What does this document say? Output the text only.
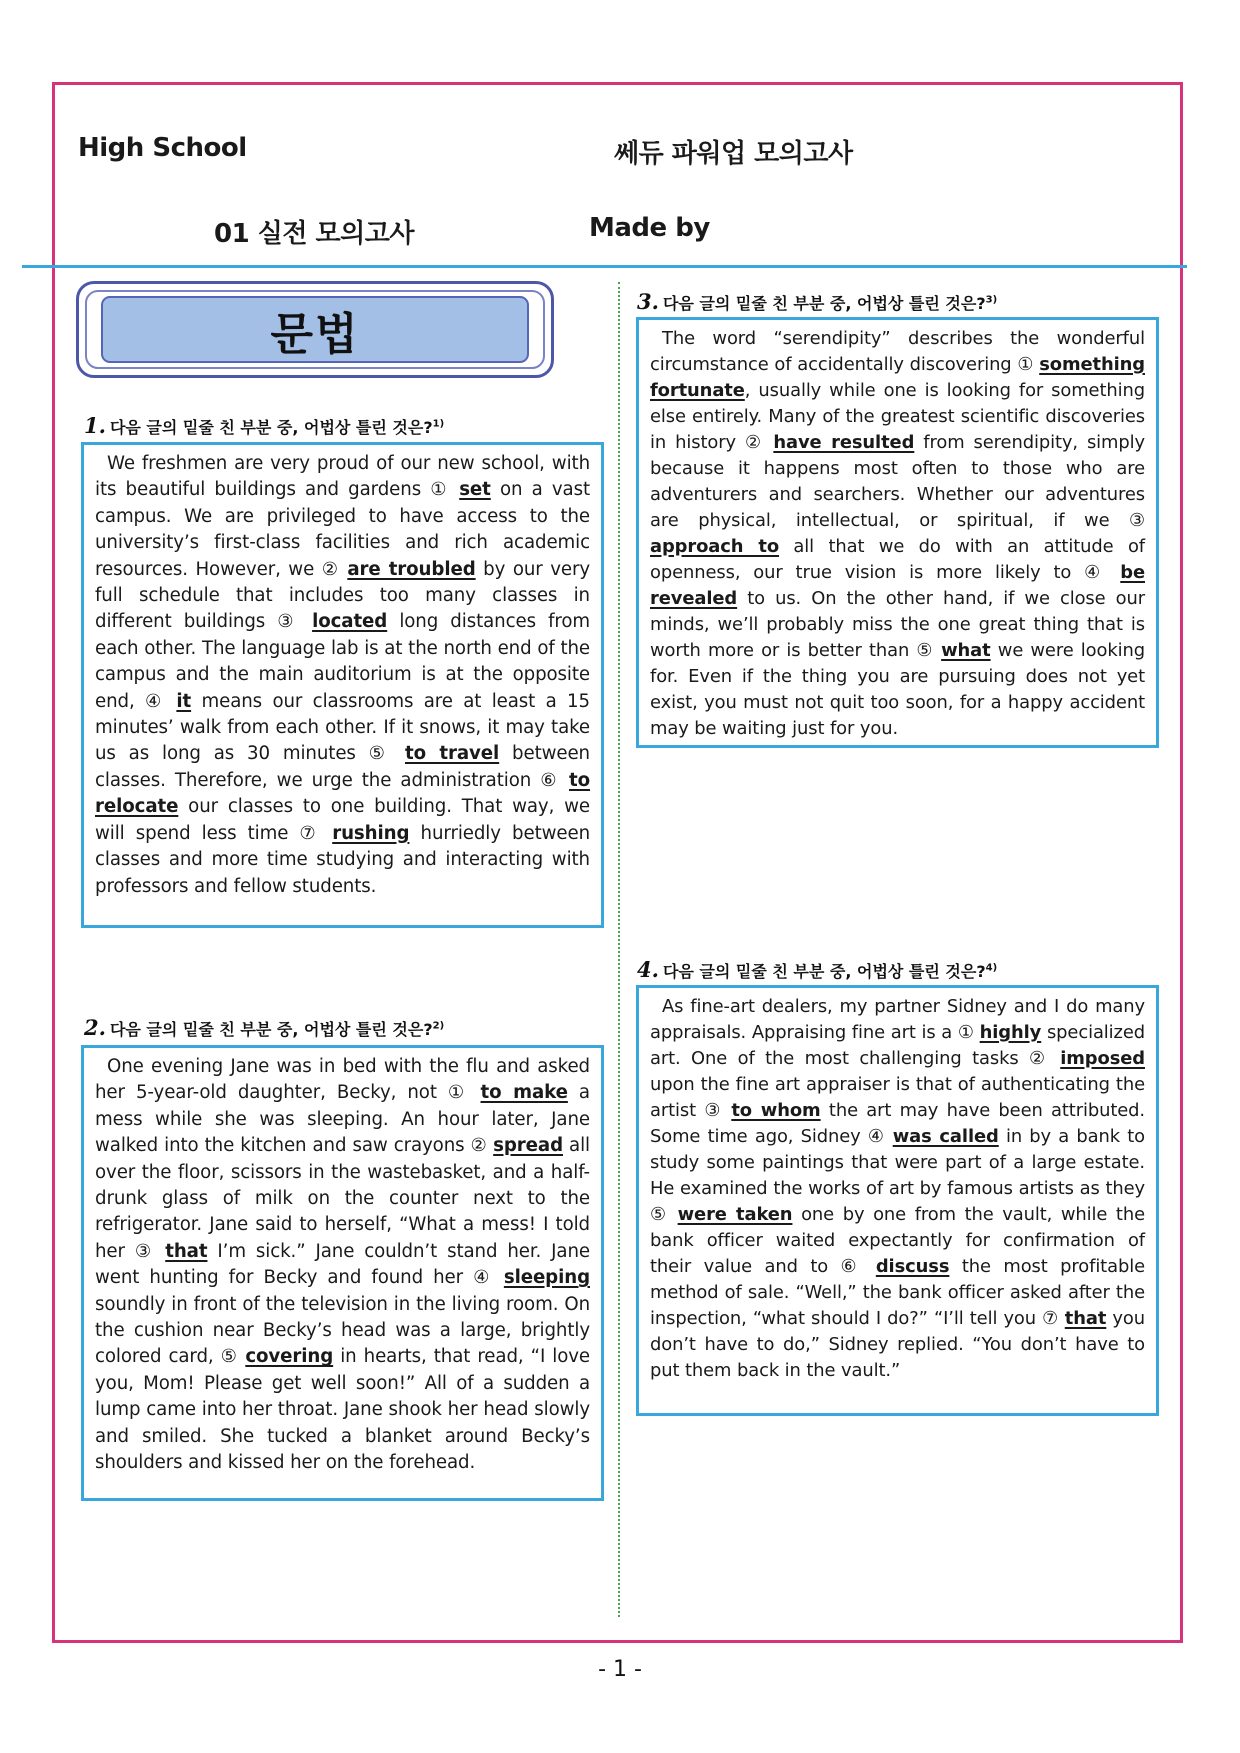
High School	쎄듀 파워업 모의고사
01 실전 모의고사	Made by
문법
1. 다음 글의 밑줄 친 부분 중, 어법상 틀린 것은?$^{1)}$
We freshmen are very proud of our new school, with its beautiful buildings and gardens ① set on a vast campus. We are privileged to have access to the university’s first-class facilities and rich academic resources. However, we ② are troubled by our very full schedule that includes too many classes in different buildings ③ located long distances from each other. The language lab is at the north end of the campus and the main auditorium is at the opposite end, ④ it means our classrooms are at least a 15 minutes’ walk from each other. If it snows, it may take us as long as 30 minutes ⑤ to travel between classes. Therefore, we urge the administration ⑥ to relocate our classes to one building. That way, we will spend less time ⑦ rushing hurriedly between classes and more time studying and interacting with professors and fellow students.
2. 다음 글의 밑줄 친 부분 중, 어법상 틀린 것은?$^{2)}$
One evening Jane was in bed with the flu and asked her 5-year-old daughter, Becky, not ① to make a mess while she was sleeping. An hour later, Jane walked into the kitchen and saw crayons ② spread all over the floor, scissors in the wastebasket, and a half-drunk glass of milk on the counter next to the refrigerator. Jane said to herself, “What a mess! I told her ③ that I’m sick.” Jane couldn’t stand her. Jane went hunting for Becky and found her ④ sleeping soundly in front of the television in the living room. On the cushion near Becky’s head was a large, brightly colored card, ⑤ covering in hearts, that read, “I love you, Mom! Please get well soon!” All of a sudden a lump came into her throat. Jane shook her head slowly and smiled. She tucked a blanket around Becky’s shoulders and kissed her on the forehead.
3. 다음 글의 밑줄 친 부분 중, 어법상 틀린 것은?$^{3)}$
The word “serendipity” describes the wonderful circumstance of accidentally discovering ① something fortunate, usually while one is looking for something else entirely. Many of the greatest scientific discoveries in history ② have resulted from serendipity, simply because it happens most often to those who are adventurers and searchers. Whether our adventures are physical, intellectual, or spiritual, if we ③ approach to all that we do with an attitude of openness, our true vision is more likely to ④ be revealed to us. On the other hand, if we close our minds, we’ll probably miss the one great thing that is worth more or is better than ⑤ what we were looking for. Even if the thing you are pursuing does not yet exist, you must not quit too soon, for a happy accident may be waiting just for you.
4. 다음 글의 밑줄 친 부분 중, 어법상 틀린 것은?$^{4)}$
As fine-art dealers, my partner Sidney and I do many appraisals. Appraising fine art is a ① highly specialized art. One of the most challenging tasks ② imposed upon the fine art appraiser is that of authenticating the artist ③ to whom the art may have been attributed. Some time ago, Sidney ④ was called in by a bank to study some paintings that were part of a large estate. He examined the works of art by famous artists as they ⑤ were taken one by one from the vault, while the bank officer waited expectantly for confirmation of their value and to ⑥ discuss the most profitable method of sale. “Well,” the bank officer asked after the inspection, “what should I do?” “I’ll tell you ⑦ that you don’t have to do,” Sidney replied. “You don’t have to put them back in the vault.”
- 1 -
